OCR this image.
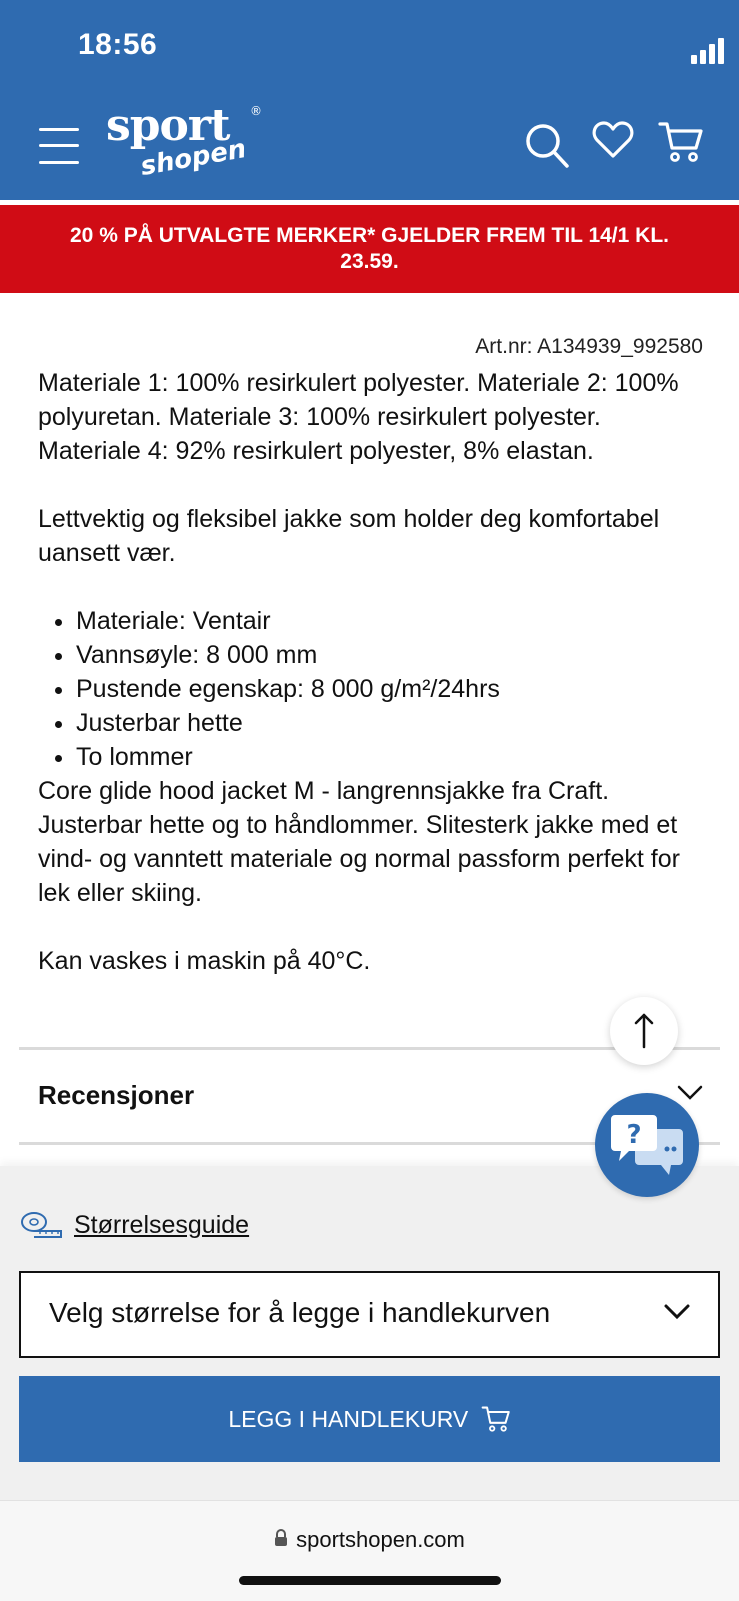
18:56
sport
shopen
®
20 % PÅ UTVALGTE MERKER* GJELDER FREM TIL 14/1 KL. 23.59.
Art.nr: A134939_992580

Materiale 1: 100% resirkulert polyester. Materiale 2: 100% polyuretan. Materiale 3: 100% resirkulert polyester. Materiale 4: 92% resirkulert polyester, 8% elastan.

Lettvektig og fleksibel jakke som holder deg komfortabel uansett vær.

• Materiale: Ventair
• Vannsøyle: 8 000 mm
• Pustende egenskap: 8 000 g/m²/24hrs
• Justerbar hette
• To lommer

Core glide hood jacket M - langrennsjakke fra Craft. Justerbar hette og to håndlommer. Slitesterk jakke med et vind- og vanntett materiale og normal passform perfekt for lek eller skiing.

Kan vaskes i maskin på 40°C.

Recensjoner
?
Størrelsesguide
Velg størrelse for å legge i handlekurven
LEGG I HANDLEKURV
sportshopen.com
